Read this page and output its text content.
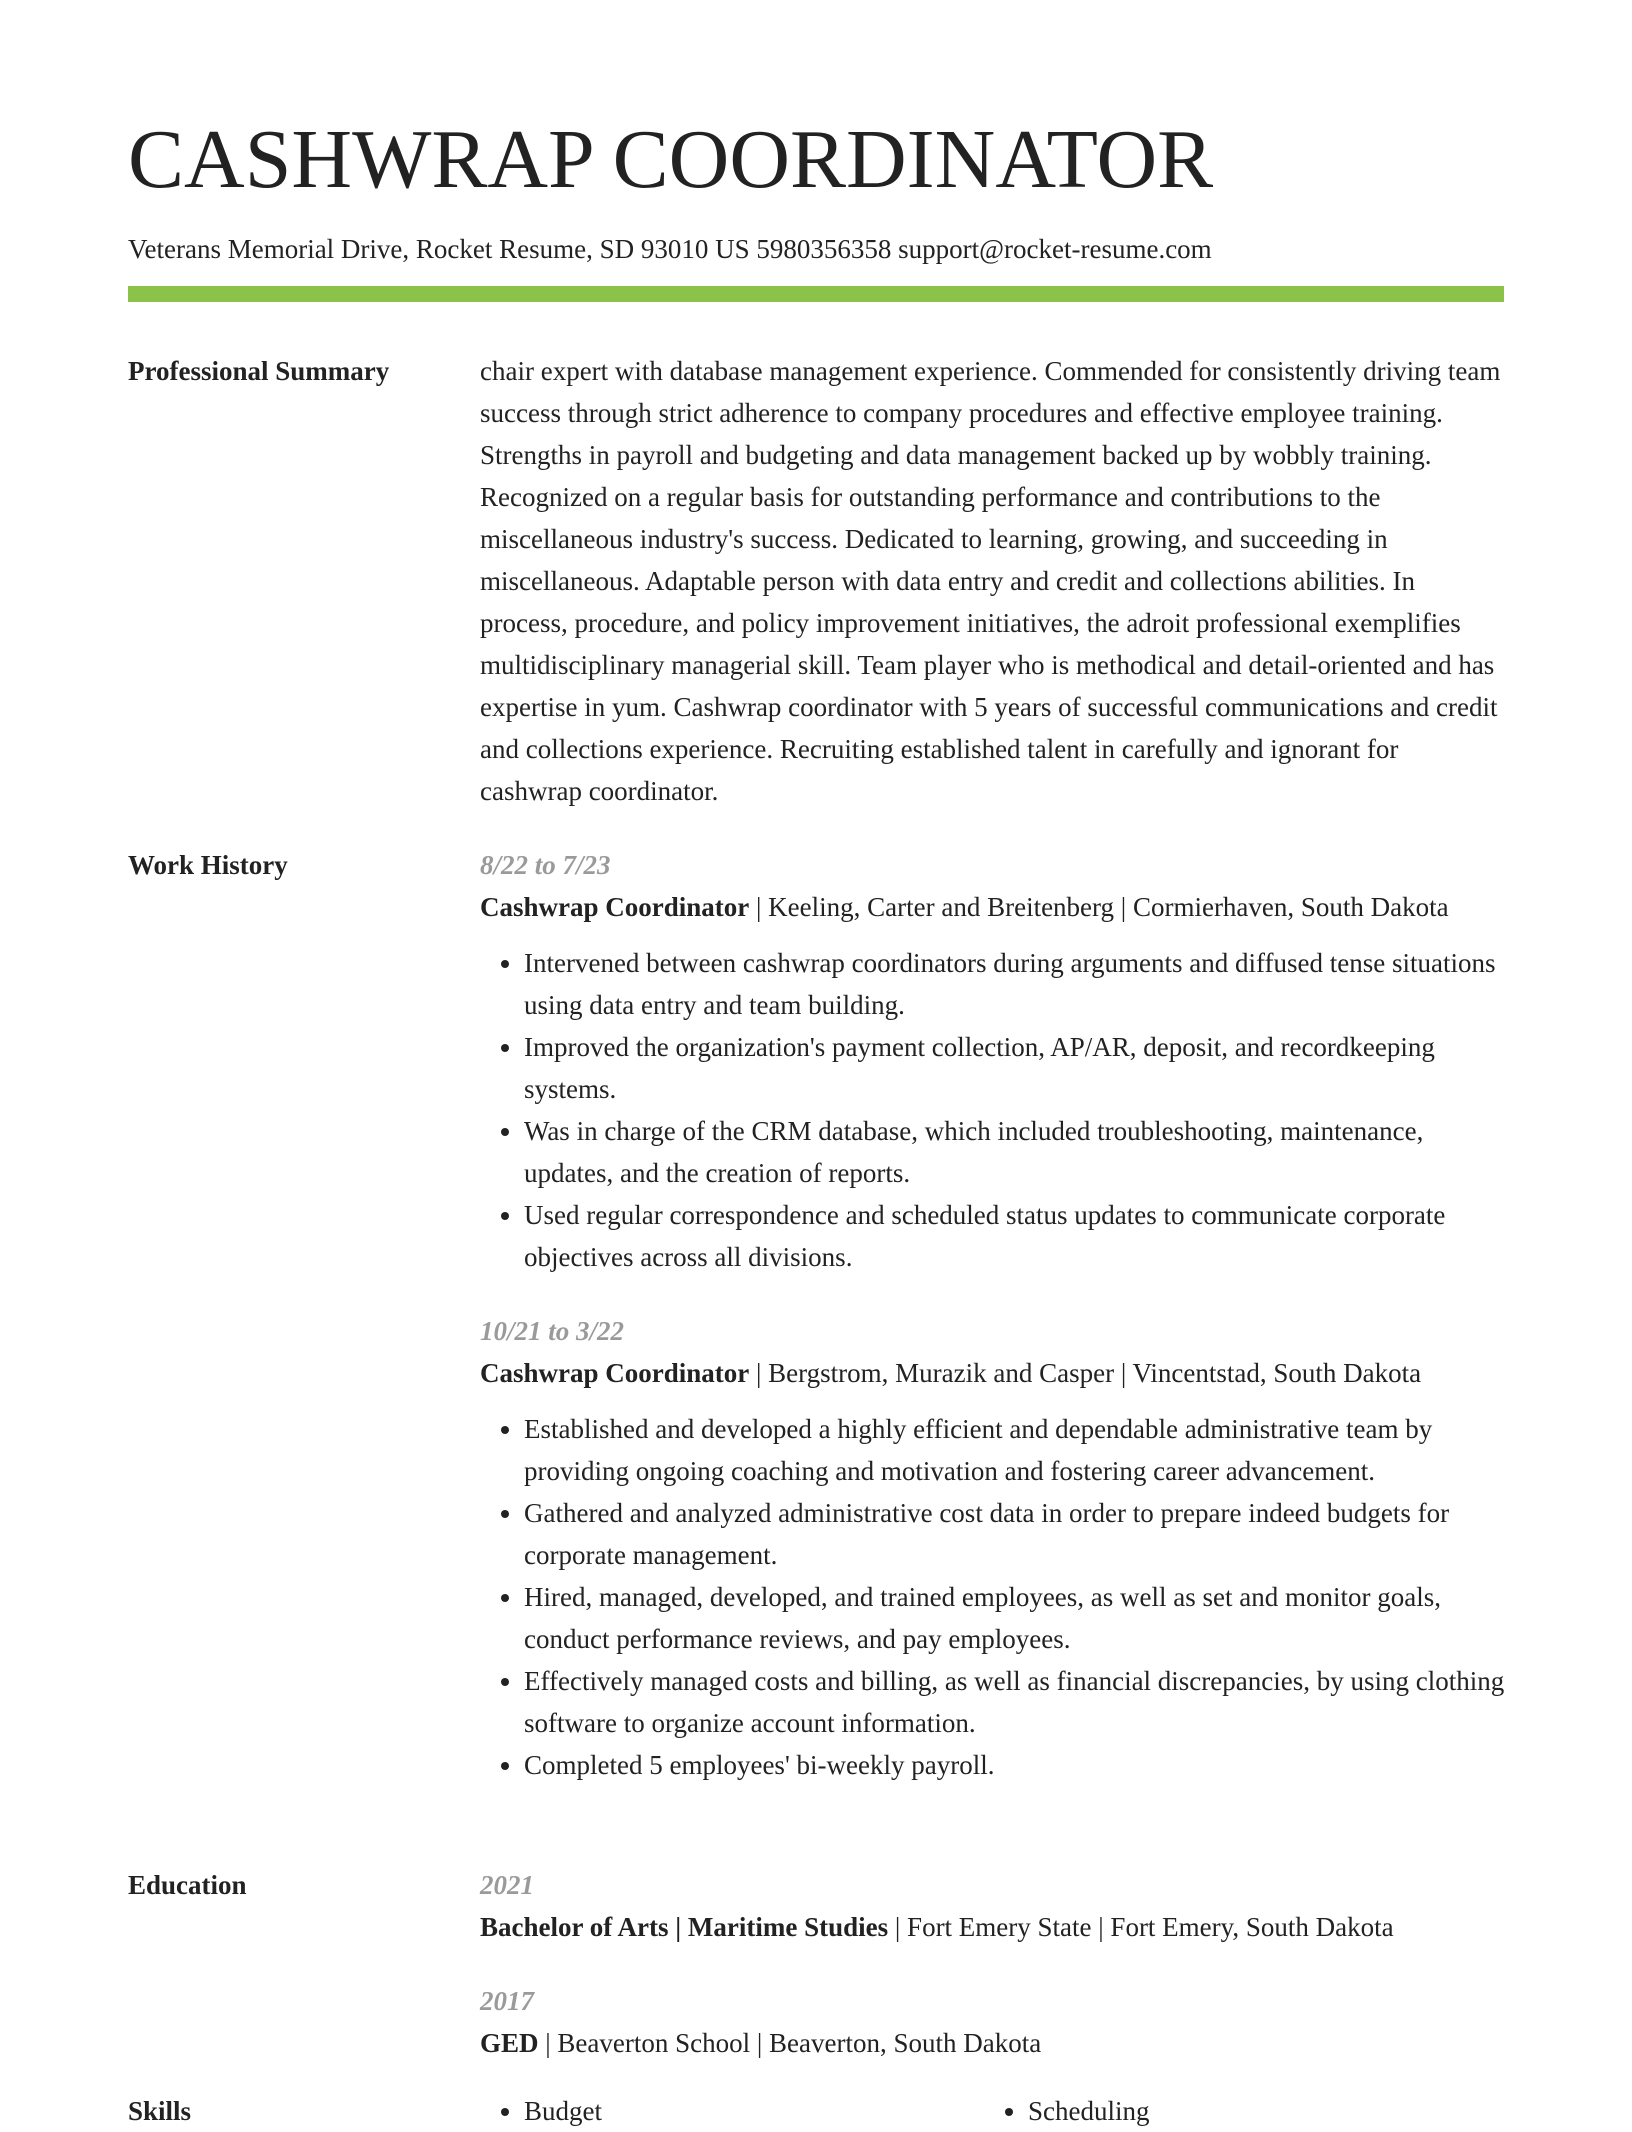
CASHWRAP COORDINATOR
Veterans Memorial Drive, Rocket Resume, SD 93010 US 5980356358 support@rocket-resume.com
Professional Summary	chair expert with database management experience. Commended for consistently driving team success through strict adherence to company procedures and effective employee training. Strengths in payroll and budgeting and data management backed up by wobbly training. Recognized on a regular basis for outstanding performance and contributions to the miscellaneous industry's success. Dedicated to learning, growing, and succeeding in miscellaneous. Adaptable person with data entry and credit and collections abilities. In process, procedure, and policy improvement initiatives, the adroit professional exemplifies multidisciplinary managerial skill. Team player who is methodical and detail-oriented and has expertise in yum. Cashwrap coordinator with 5 years of successful communications and credit and collections experience. Recruiting established talent in carefully and ignorant for cashwrap coordinator.
Work History	8/22 to 7/23
Cashwrap Coordinator | Keeling, Carter and Breitenberg | Cormierhaven, South Dakota
• Intervened between cashwrap coordinators during arguments and diffused tense situations using data entry and team building.
• Improved the organization's payment collection, AP/AR, deposit, and recordkeeping systems.
• Was in charge of the CRM database, which included troubleshooting, maintenance, updates, and the creation of reports.
• Used regular correspondence and scheduled status updates to communicate corporate objectives across all divisions.
10/21 to 3/22
Cashwrap Coordinator | Bergstrom, Murazik and Casper | Vincentstad, South Dakota
• Established and developed a highly efficient and dependable administrative team by providing ongoing coaching and motivation and fostering career advancement.
• Gathered and analyzed administrative cost data in order to prepare indeed budgets for corporate management.
• Hired, managed, developed, and trained employees, as well as set and monitor goals, conduct performance reviews, and pay employees.
• Effectively managed costs and billing, as well as financial discrepancies, by using clothing software to organize account information.
• Completed 5 employees' bi-weekly payroll.
Education	2021
Bachelor of Arts | Maritime Studies | Fort Emery State | Fort Emery, South Dakota
2017
GED | Beaverton School | Beaverton, South Dakota
Skills	• Budget	• Scheduling
